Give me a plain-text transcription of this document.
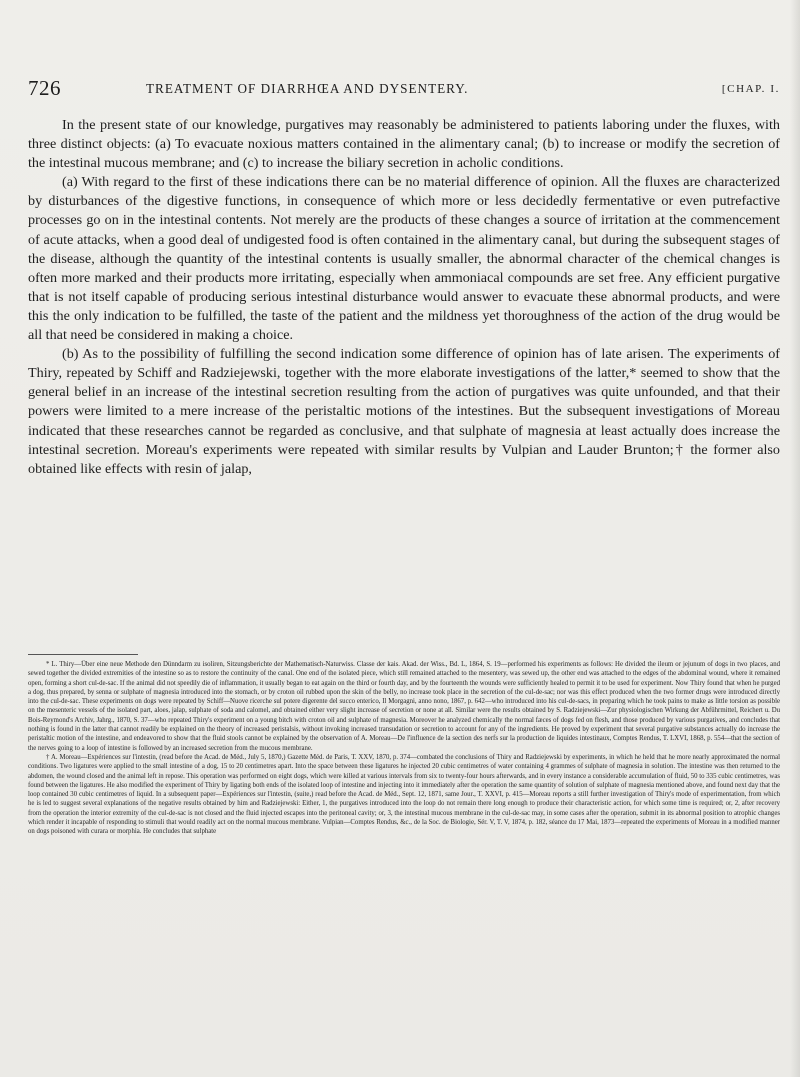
726	TREATMENT OF DIARRHŒA AND DYSENTERY.	[CHAP. I.

In the present state of our knowledge, purgatives may reasonably be administered to patients laboring under the fluxes, with three distinct objects: (a) To evacuate noxious matters contained in the alimentary canal; (b) to increase or modify the secretion of the intestinal mucous membrane; and (c) to increase the biliary secretion in acholic conditions.

(a) With regard to the first of these indications there can be no material difference of opinion. All the fluxes are characterized by disturbances of the digestive functions, in consequence of which more or less decidedly fermentative or even putrefactive processes go on in the intestinal contents. Not merely are the products of these changes a source of irritation at the commencement of acute attacks, when a good deal of undigested food is often contained in the alimentary canal, but during the subsequent stages of the disease, although the quantity of the intestinal contents is usually smaller, the abnormal character of the chemical changes is often more marked and their products more irritating, especially when ammoniacal compounds are set free. Any efficient purgative that is not itself capable of producing serious intestinal disturbance would answer to evacuate these abnormal products, and were this the only indication to be fulfilled, the taste of the patient and the mildness yet thoroughness of the action of the drug would be all that need be considered in making a choice.

(b) As to the possibility of fulfilling the second indication some difference of opinion has of late arisen. The experiments of Thiry, repeated by Schiff and Radziejewski, together with the more elaborate investigations of the latter,* seemed to show that the general belief in an increase of the intestinal secretion resulting from the action of purgatives was quite unfounded, and that their powers were limited to a mere increase of the peristaltic motions of the intestines. But the subsequent investigations of Moreau indicated that these researches cannot be regarded as conclusive, and that sulphate of magnesia at least actually does increase the intestinal secretion. Moreau's experiments were repeated with similar results by Vulpian and Lauder Brunton;† the former also obtained like effects with resin of jalap,

* L. Thiry—Über eine neue Methode den Dünndarm zu isoliren, Sitzungsberichte der Mathematisch-Naturwiss. Classe der kais. Akad. der Wiss., Bd. L, 1864, S. 19—performed his experiments as follows: He divided the ileum or jejunum of dogs in two places, and sewed together the divided extremities of the intestine so as to restore the continuity of the canal. One end of the isolated piece, which still remained attached to the mesentery, was sewed up, the other end was attached to the edges of the abdominal wound, where it remained open, forming a short cul-de-sac. If the animal did not speedily die of inflammation, it usually began to eat again on the third or fourth day, and by the fourteenth the wounds were sufficiently healed to permit it to be used for experiment. Now Thiry found that when he purged a dog, thus prepared, by senna or sulphate of magnesia introduced into the stomach, or by croton oil rubbed upon the skin of the belly, no increase took place in the secretion of the cul-de-sac; nor was this effect produced when the two former drugs were introduced directly into the cul-de-sac. These experiments on dogs were repeated by Schiff—Nuove ricerche sul potere digerente del succo enterico, Il Morgagni, anno nono, 1867, p. 642—who introduced into his cul-de-sacs, in preparing which he took pains to make as little torsion as possible on the mesenteric vessels of the isolated part, aloes, jalap, sulphate of soda and calomel, and obtained either very slight increase of secretion or none at all. Similar were the results obtained by S. Radziejewski—Zur physiologischen Wirkung der Abführmittel, Reichert u. Du Bois-Reymond's Archiv, Jahrg., 1870, S. 37—who repeated Thiry's experiment on a young bitch with croton oil and sulphate of magnesia. Moreover he analyzed chemically the normal fæces of dogs fed on flesh, and those produced by various purgatives, and concludes that nothing is found in the latter that cannot readily be explained on the theory of increased peristalsis, without invoking increased transudation or secretion to account for any of the ingredients. He proved by experiment that several purgative substances actually do increase the peristaltic motion of the intestine, and endeavored to show that the fluid stools cannot be explained by the observation of A. Moreau—De l'influence de la section des nerfs sur la production de liquides intestinaux, Comptes Rendus, T. LXVI, 1868, p. 554—that the section of the nerves going to a loop of intestine is followed by an increased secretion from the mucous membrane.

† A. Moreau—Expériences sur l'intestin, (read before the Acad. de Méd., July 5, 1870,) Gazette Méd. de Paris, T. XXV, 1870, p. 374—combated the conclusions of Thiry and Radziejewski by experiments, in which he held that he more nearly approximated the normal conditions. Two ligatures were applied to the small intestine of a dog, 15 to 20 centimetres apart. Into the space between these ligatures he injected 20 cubic centimetres of water containing 4 grammes of sulphate of magnesia in solution. The intestine was then returned to the abdomen, the wound closed and the animal left in repose. This operation was performed on eight dogs, which were killed at various intervals from six to twenty-four hours afterwards, and in every instance a considerable accumulation of fluid, 50 to 335 cubic centimetres, was found between the ligatures. He also modified the experiment of Thiry by ligating both ends of the isolated loop of intestine and injecting into it immediately after the operation the same quantity of solution of sulphate of magnesia mentioned above, and found next day that the loop contained 30 cubic centimetres of liquid. In a subsequent paper—Expériences sur l'intestin, (suite,) read before the Acad. de Méd., Sept. 12, 1871, same Jour., T. XXVI, p. 415—Moreau reports a still further investigation of Thiry's mode of experimentation, from which he is led to suggest several explanations of the negative results obtained by him and Radziejewski: Either, 1, the purgatives introduced into the loop do not remain there long enough to produce their characteristic action, for which some time is required; or, 2, after recovery from the operation the interior extremity of the cul-de-sac is not closed and the fluid injected escapes into the peritoneal cavity; or, 3, the intestinal mucous membrane in the cul-de-sac may, in some cases after the operation, submit in its abnormal position to atrophic changes which render it incapable of responding to stimuli that would readily act on the normal mucous membrane. Vulpian—Comptes Rendus, &c., de la Soc. de Biologie, Sér. V, T. V, 1874, p. 182, séance du 17 Mai, 1873—repeated the experiments of Moreau in a modified manner on dogs poisoned with curara or morphia. He concludes that sulphate
